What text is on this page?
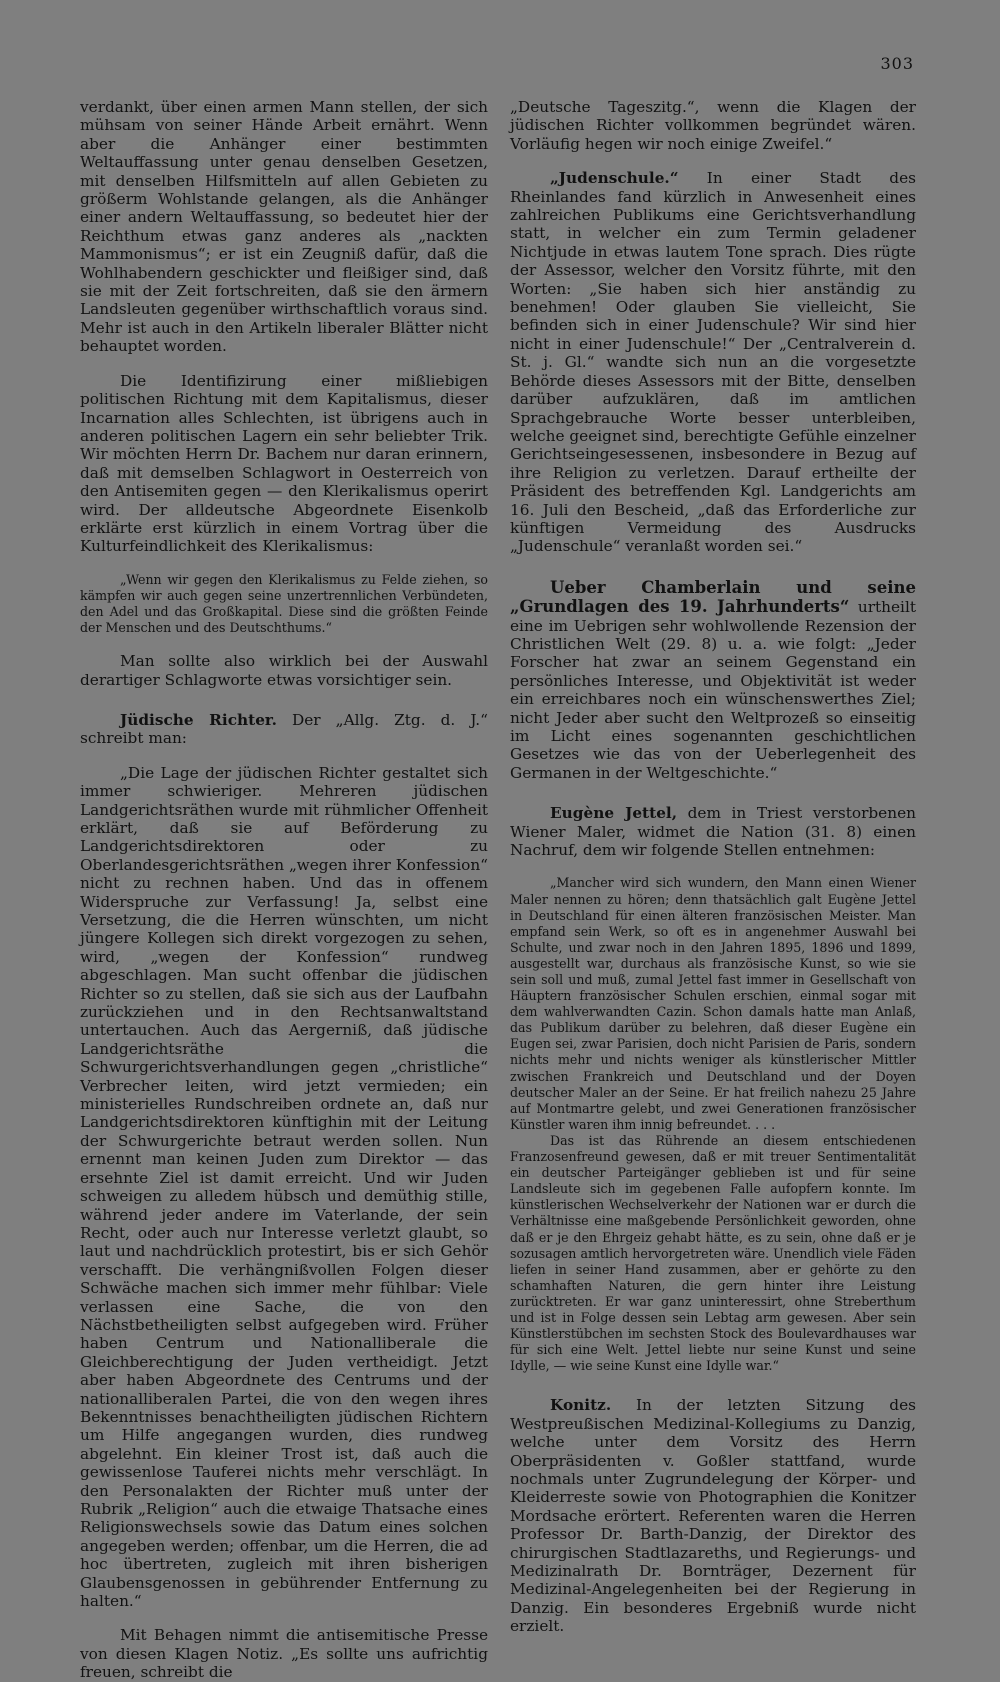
303

verdankt, über einen armen Mann stellen, der sich mühsam von seiner Hände Arbeit ernährt. Wenn aber die Anhänger einer bestimmten Weltauffassung unter genau denselben Gesetzen, mit denselben Hilfsmitteln auf allen Gebieten zu größerm Wohlstande gelangen, als die Anhänger einer andern Weltauffassung, so bedeutet hier der Reichthum etwas ganz anderes als „nackten Mammonismus“; er ist ein Zeugniß dafür, daß die Wohlhabendern geschickter und fleißiger sind, daß sie mit der Zeit fortschreiten, daß sie den ärmern Landsleuten gegenüber wirthschaftlich voraus sind. Mehr ist auch in den Artikeln liberaler Blätter nicht behauptet worden.

Die Identifizirung einer mißliebigen politischen Richtung mit dem Kapitalismus, dieser Incarnation alles Schlechten, ist übrigens auch in anderen politischen Lagern ein sehr beliebter Trik. Wir möchten Herrn Dr. Bachem nur daran erinnern, daß mit demselben Schlagwort in Oesterreich von den Antisemiten gegen — den Klerikalismus operirt wird. Der alldeutsche Abgeordnete Eisenkolb erklärte erst kürzlich in einem Vortrag über die Kulturfeindlichkeit des Klerikalismus:

„Wenn wir gegen den Klerikalismus zu Felde ziehen, so kämpfen wir auch gegen seine unzertrennlichen Verbündeten, den Adel und das Großkapital. Diese sind die größten Feinde der Menschen und des Deutschthums.“

Man sollte also wirklich bei der Auswahl derartiger Schlagworte etwas vorsichtiger sein.

Jüdische Richter. Der „Allg. Ztg. d. J.“ schreibt man:

„Die Lage der jüdischen Richter gestaltet sich immer schwieriger. Mehreren jüdischen Landgerichtsräthen wurde mit rühmlicher Offenheit erklärt, daß sie auf Beförderung zu Landgerichtsdirektoren oder zu Oberlandesgerichtsräthen „wegen ihrer Konfession“ nicht zu rechnen haben. Und das in offenem Widerspruche zur Verfassung! Ja, selbst eine Versetzung, die die Herren wünschten, um nicht jüngere Kollegen sich direkt vorgezogen zu sehen, wird, „wegen der Konfession“ rundweg abgeschlagen. Man sucht offenbar die jüdischen Richter so zu stellen, daß sie sich aus der Laufbahn zurückziehen und in den Rechtsanwaltstand untertauchen. Auch das Aergerniß, daß jüdische Landgerichtsräthe die Schwurgerichtsverhandlungen gegen „christliche“ Verbrecher leiten, wird jetzt vermieden; ein ministerielles Rundschreiben ordnete an, daß nur Landgerichtsdirektoren künftighin mit der Leitung der Schwurgerichte betraut werden sollen. Nun ernennt man keinen Juden zum Direktor — das ersehnte Ziel ist damit erreicht. Und wir Juden schweigen zu alledem hübsch und demüthig stille, während jeder andere im Vaterlande, der sein Recht, oder auch nur Interesse verletzt glaubt, so laut und nachdrücklich protestirt, bis er sich Gehör verschafft. Die verhängnißvollen Folgen dieser Schwäche machen sich immer mehr fühlbar: Viele verlassen eine Sache, die von den Nächstbetheiligten selbst aufgegeben wird. Früher haben Centrum und Nationalliberale die Gleichberechtigung der Juden vertheidigt. Jetzt aber haben Abgeordnete des Centrums und der nationalliberalen Partei, die von den wegen ihres Bekenntnisses benachtheiligten jüdischen Richtern um Hilfe angegangen wurden, dies rundweg abgelehnt. Ein kleiner Trost ist, daß auch die gewissenlose Tauferei nichts mehr verschlägt. In den Personalakten der Richter muß unter der Rubrik „Religion“ auch die etwaige Thatsache eines Religionswechsels sowie das Datum eines solchen angegeben werden; offenbar, um die Herren, die ad hoc übertreten, zugleich mit ihren bisherigen Glaubensgenossen in gebührender Entfernung zu halten.“

Mit Behagen nimmt die antisemitische Presse von diesen Klagen Notiz. „Es sollte uns aufrichtig freuen, schreibt die

„Deutsche Tageszitg.“, wenn die Klagen der jüdischen Richter vollkommen begründet wären. Vorläufig hegen wir noch einige Zweifel.“

„Judenschule.“ In einer Stadt des Rheinlandes fand kürzlich in Anwesenheit eines zahlreichen Publikums eine Gerichtsverhandlung statt, in welcher ein zum Termin geladener Nichtjude in etwas lautem Tone sprach. Dies rügte der Assessor, welcher den Vorsitz führte, mit den Worten: „Sie haben sich hier anständig zu benehmen! Oder glauben Sie vielleicht, Sie befinden sich in einer Judenschule? Wir sind hier nicht in einer Judenschule!“ Der „Centralverein d. St. j. Gl.“ wandte sich nun an die vorgesetzte Behörde dieses Assessors mit der Bitte, denselben darüber aufzuklären, daß im amtlichen Sprachgebrauche Worte besser unterbleiben, welche geeignet sind, berechtigte Gefühle einzelner Gerichtseingesessenen, insbesondere in Bezug auf ihre Religion zu verletzen. Darauf ertheilte der Präsident des betreffenden Kgl. Landgerichts am 16. Juli den Bescheid, „daß das Erforderliche zur künftigen Vermeidung des Ausdrucks „Judenschule“ veranlaßt worden sei.“

Ueber Chamberlain und seine „Grundlagen des 19. Jahrhunderts“ urtheilt eine im Uebrigen sehr wohlwollende Rezension der Christlichen Welt (29. 8) u. a. wie folgt: „Jeder Forscher hat zwar an seinem Gegenstand ein persönliches Interesse, und Objektivität ist weder ein erreichbares noch ein wünschenswerthes Ziel; nicht Jeder aber sucht den Weltprozeß so einseitig im Licht eines sogenannten geschichtlichen Gesetzes wie das von der Ueberlegenheit des Germanen in der Weltgeschichte.“

Eugène Jettel, dem in Triest verstorbenen Wiener Maler, widmet die Nation (31. 8) einen Nachruf, dem wir folgende Stellen entnehmen:

„Mancher wird sich wundern, den Mann einen Wiener Maler nennen zu hören; denn thatsächlich galt Eugène Jettel in Deutschland für einen älteren französischen Meister. Man empfand sein Werk, so oft es in angenehmer Auswahl bei Schulte, und zwar noch in den Jahren 1895, 1896 und 1899, ausgestellt war, durchaus als französische Kunst, so wie sie sein soll und muß, zumal Jettel fast immer in Gesellschaft von Häuptern französischer Schulen erschien, einmal sogar mit dem wahlverwandten Cazin. Schon damals hatte man Anlaß, das Publikum darüber zu belehren, daß dieser Eugène ein Eugen sei, zwar Parisien, doch nicht Parisien de Paris, sondern nichts mehr und nichts weniger als künstlerischer Mittler zwischen Frankreich und Deutschland und der Doyen deutscher Maler an der Seine. Er hat freilich nahezu 25 Jahre auf Montmartre gelebt, und zwei Generationen französischer Künstler waren ihm innig befreundet. . . .

Das ist das Rührende an diesem entschiedenen Franzosenfreund gewesen, daß er mit treuer Sentimentalität ein deutscher Parteigänger geblieben ist und für seine Landsleute sich im gegebenen Falle aufopfern konnte. Im künstlerischen Wechselverkehr der Nationen war er durch die Verhältnisse eine maßgebende Persönlichkeit geworden, ohne daß er je den Ehrgeiz gehabt hätte, es zu sein, ohne daß er je sozusagen amtlich hervorgetreten wäre. Unendlich viele Fäden liefen in seiner Hand zusammen, aber er gehörte zu den schamhaften Naturen, die gern hinter ihre Leistung zurücktreten. Er war ganz uninteressirt, ohne Streberthum und ist in Folge dessen sein Lebtag arm gewesen. Aber sein Künstlerstübchen im sechsten Stock des Boulevardhauses war für sich eine Welt. Jettel liebte nur seine Kunst und seine Idylle, — wie seine Kunst eine Idylle war.“

Konitz. In der letzten Sitzung des Westpreußischen Medizinal-Kollegiums zu Danzig, welche unter dem Vorsitz des Herrn Oberpräsidenten v. Goßler stattfand, wurde nochmals unter Zugrundelegung der Körper- und Kleiderreste sowie von Photographien die Konitzer Mordsache erörtert. Referenten waren die Herren Professor Dr. Barth-Danzig, der Direktor des chirurgischen Stadtlazareths, und Regierungs- und Medizinalrath Dr. Bornträger, Dezernent für Medizinal-Angelegenheiten bei der Regierung in Danzig. Ein besonderes Ergebniß wurde nicht erzielt.
